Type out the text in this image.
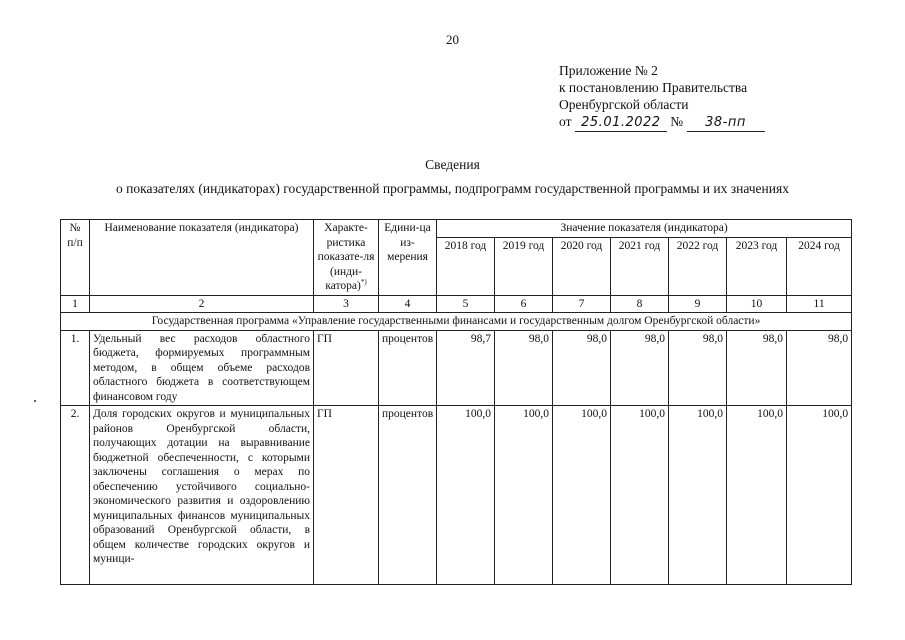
20
Приложение № 2
к постановлению Правительства
Оренбургской области
от 25.01.2022 № 38-пп
Сведения
о показателях (индикаторах) государственной программы, подпрограмм государственной программы и их значениях
№ п/п	Наименование показателя (индикатора)	Характе-ристика показате-ля (инди-катора)*)	Едини-ца из-мерения	Значение показателя (индикатора)						
				2018 год	2019 год	2020 год	2021 год	2022 год	2023 год	2024 год
1	2	3	4	5	6	7	8	9	10	11
Государственная программа «Управление государственными финансами и государственным долгом Оренбургской области»										
1.	Удельный вес расходов областного бюджета, формируемых программным методом, в общем объеме расходов областного бюджета в соответствующем финансовом году	ГП	процентов	98,7	98,0	98,0	98,0	98,0	98,0	98,0
2.	Доля городских округов и муниципальных районов Оренбургской области, получающих дотации на выравнивание бюджетной обеспеченности, с которыми заключены соглашения о мерах по обеспечению устойчивого социально-экономического развития и оздоровлению муниципальных финансов муниципальных образований Оренбургской области, в общем количестве городских округов и муници-	ГП	процентов	100,0	100,0	100,0	100,0	100,0	100,0	100,0
